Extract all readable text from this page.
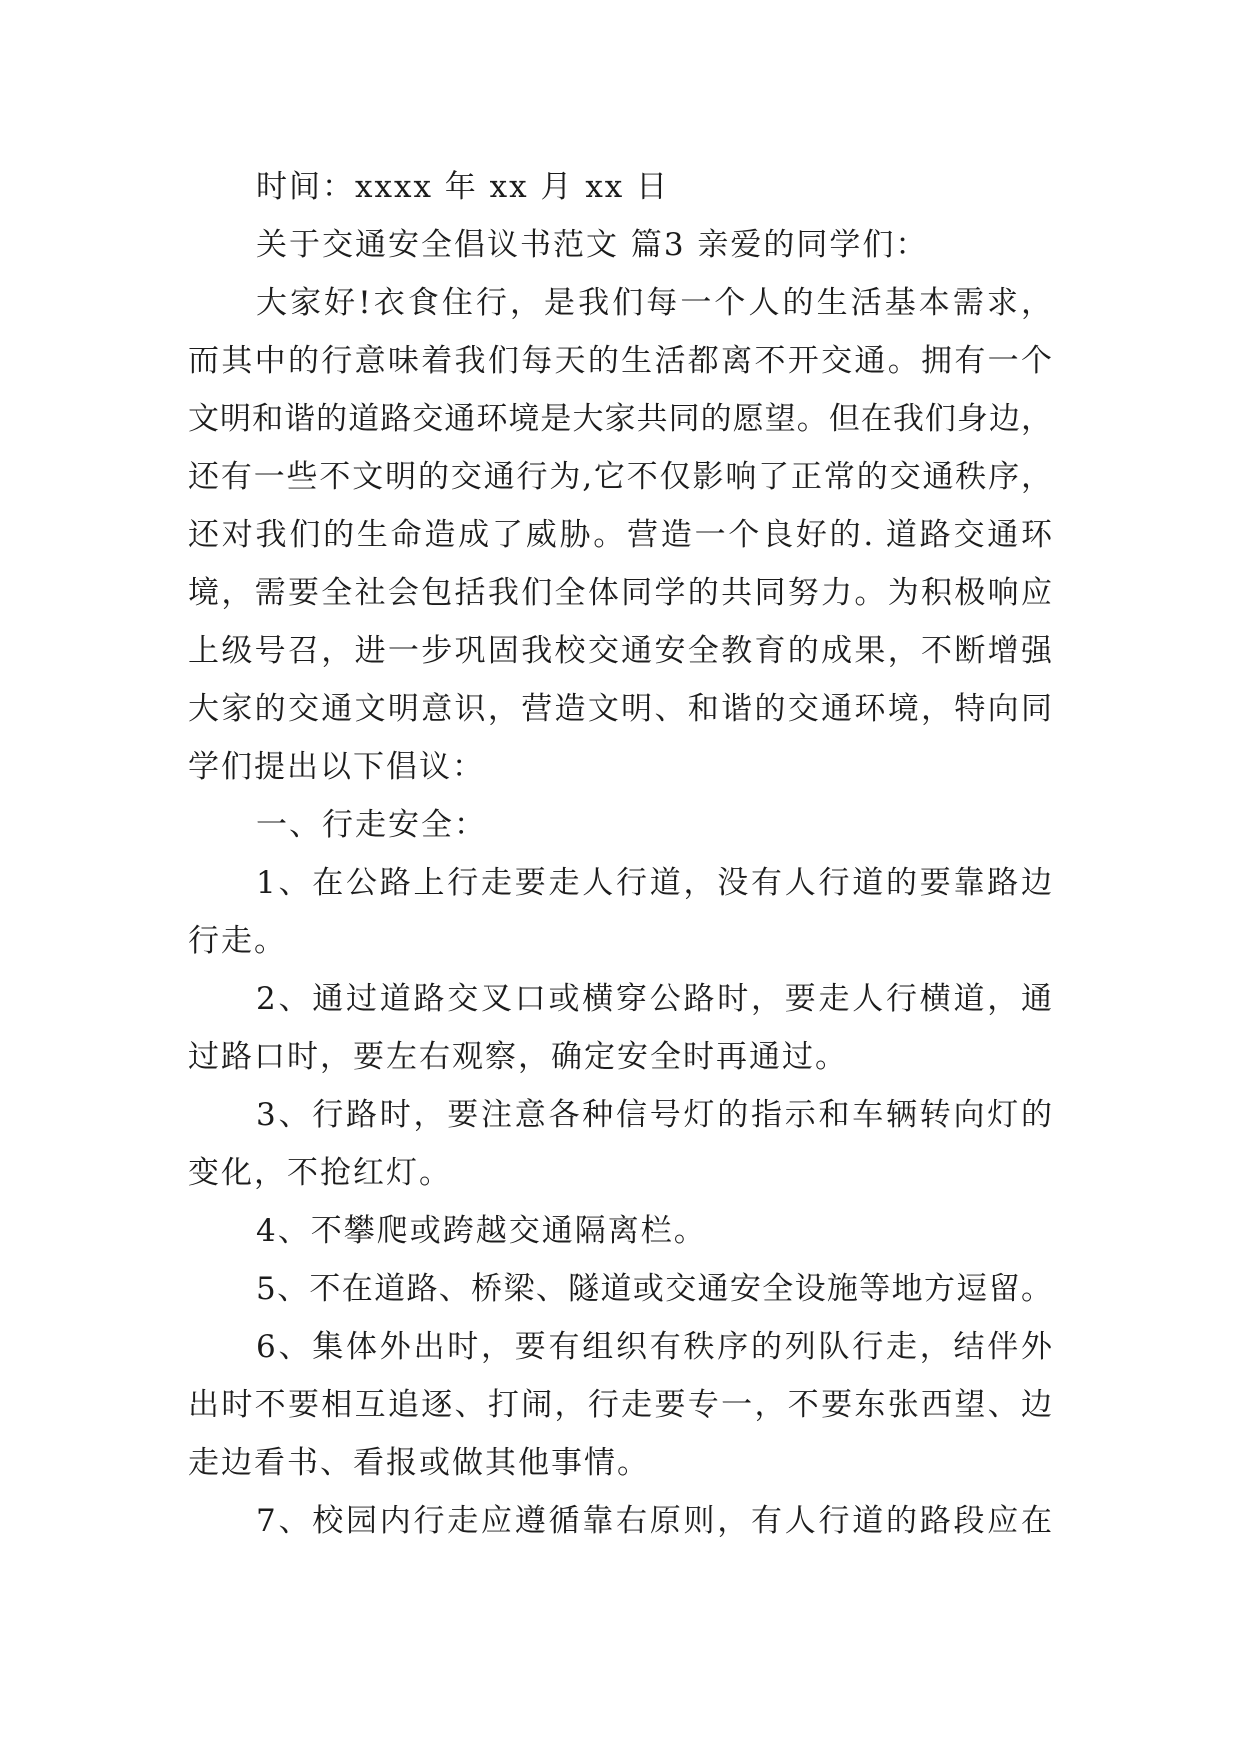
时间：xxxx 年 xx 月 xx 日
关于交通安全倡议书范文 篇3 亲爱的同学们：
大家好!衣食住行，是我们每一个人的生活基本需求，
而其中的行意味着我们每天的生活都离不开交通。拥有一个
文明和谐的道路交通环境是大家共同的愿望。但在我们身边，
还有一些不文明的交通行为,它不仅影响了正常的交通秩序，
还对我们的生命造成了威胁。营造一个良好的. 道路交通环
境，需要全社会包括我们全体同学的共同努力。为积极响应
上级号召，进一步巩固我校交通安全教育的成果，不断增强
大家的交通文明意识，营造文明、和谐的交通环境，特向同
学们提出以下倡议：
一、行走安全：
1、在公路上行走要走人行道，没有人行道的要靠路边
行走。
2、通过道路交叉口或横穿公路时，要走人行横道，通
过路口时，要左右观察，确定安全时再通过。
3、行路时，要注意各种信号灯的指示和车辆转向灯的
变化，不抢红灯。
4、不攀爬或跨越交通隔离栏。
5、不在道路、桥梁、隧道或交通安全设施等地方逗留。
6、集体外出时，要有组织有秩序的列队行走，结伴外
出时不要相互追逐、打闹，行走要专一，不要东张西望、边
走边看书、看报或做其他事情。
7、校园内行走应遵循靠右原则，有人行道的路段应在
